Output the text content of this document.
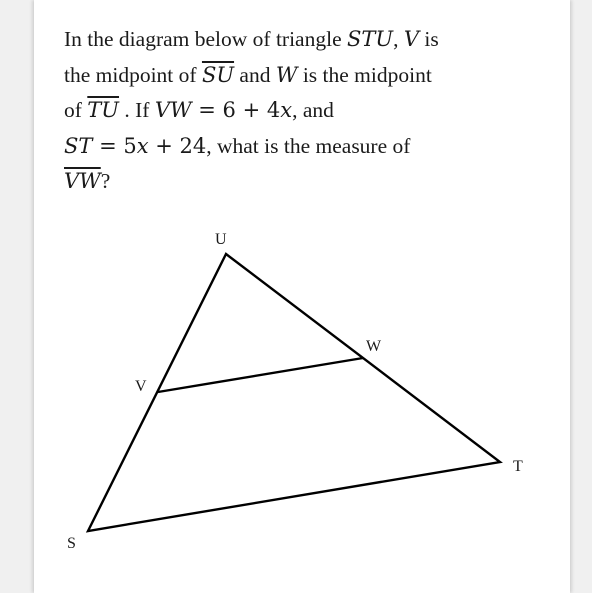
In the diagram below of triangle STU, V is
the midpoint of $\overline{SU}$ and W is the midpoint
of $\overline{TU}$ . If VW = 6 + 4x, and
ST = 5x + 24, what is the measure of
$\overline{VW}$?
U
W
V
T
S
